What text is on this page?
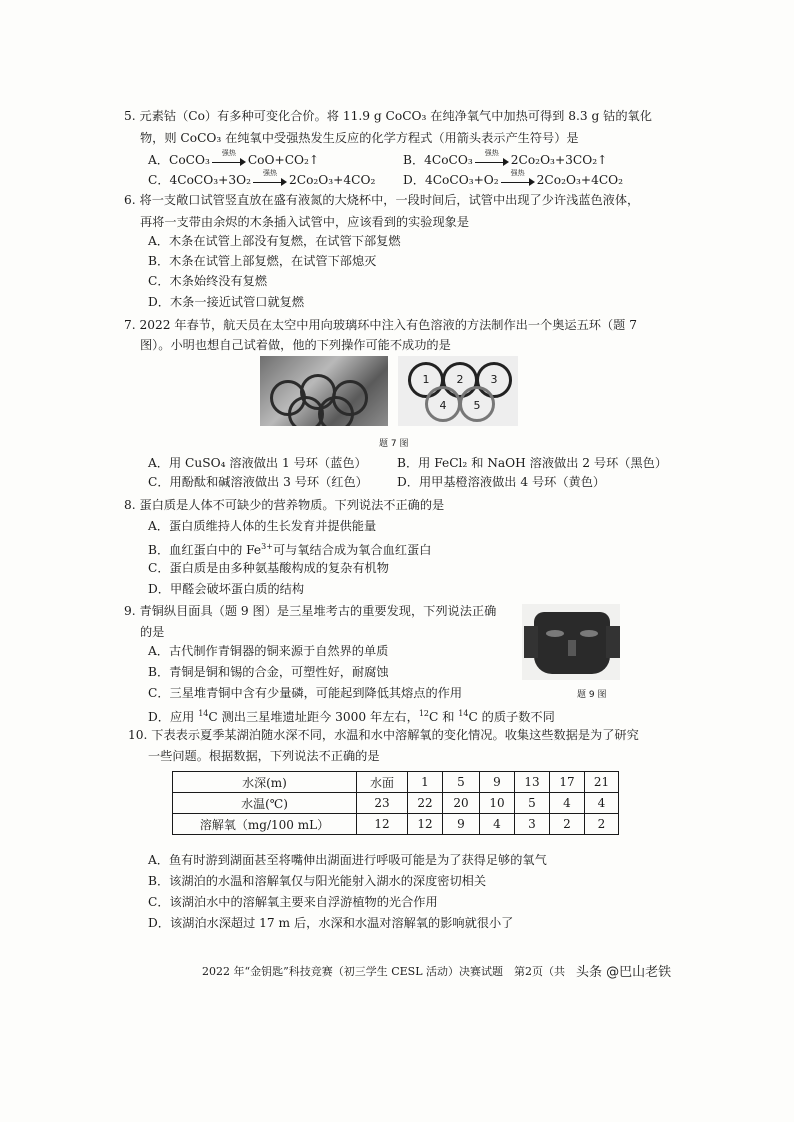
5. 元素钴（Co）有多种可变化合价。将 11.9 g CoCO₃ 在纯净氧气中加热可得到 8.3 g 钴的氧化
物，则 CoCO₃ 在纯氧中受强热发生反应的化学方程式（用箭头表示产生符号）是
A．CoCO₃
强热
CoO+CO₂↑	B．4CoCO₃
强热
2Co₂O₃+3CO₂↑
C．4CoCO₃+3O₂
强热
2Co₂O₃+4CO₂ D．4CoCO₃+O₂
强热
2Co₂O₃+4CO₂
6. 将一支敞口试管竖直放在盛有液氮的大烧杯中，一段时间后，试管中出现了少许浅蓝色液体，
再将一支带由余烬的木条插入试管中，应该看到的实验现象是
A．木条在试管上部没有复燃，在试管下部复燃
B．木条在试管上部复燃，在试管下部熄灭
C．木条始终没有复燃
D．木条一接近试管口就复燃
7. 2022 年春节，航天员在太空中用向玻璃环中注入有色溶液的方法制作出一个奥运五环（题 7
图）。小明也想自己试着做，他的下列操作可能不成功的是
1	2	3
4	5
题 7 图
A．用 CuSO₄ 溶液做出 1 号环（蓝色） B．用 FeCl₂ 和 NaOH 溶液做出 2 号环（黑色）
C．用酚酞和碱溶液做出 3 号环（红色） D．用甲基橙溶液做出 4 号环（黄色）
8. 蛋白质是人体不可缺少的营养物质。下列说法不正确的是
A．蛋白质维持人体的生长发育并提供能量
B．血红蛋白中的 $Fe^{3+}$可与氧结合成为氧合血红蛋白
C．蛋白质是由多种氨基酸构成的复杂有机物
D．甲醛会破坏蛋白质的结构
9. 青铜纵目面具（题 9 图）是三星堆考古的重要发现，下列说法正确
的是
题 9 图
A．古代制作青铜器的铜来源于自然界的单质
B．青铜是铜和锡的合金，可塑性好，耐腐蚀
C．三星堆青铜中含有少量磷，可能起到降低其熔点的作用
D．应用 $^{14}$C 测出三星堆遗址距今 3000 年左右，$^{12}$C 和 $^{14}$C 的质子数不同
10. 下表表示夏季某湖泊随水深不同，水温和水中溶解氧的变化情况。收集这些数据是为了研究
一些问题。根据数据，下列说法不正确的是
水深(m)	水面	1	5	9	13	17	21
水温(℃)	23	22	20	10	5	4	4
溶解氧（mg/100 mL）	12	12	9	4	3	2	2
A．鱼有时游到湖面甚至将嘴伸出湖面进行呼吸可能是为了获得足够的氧气
B．该湖泊的水温和溶解氧仅与阳光能射入湖水的深度密切相关
C．该湖泊水中的溶解氧主要来自浮游植物的光合作用
D．该湖泊水深超过 17 m 后，水深和水温对溶解氧的影响就很小了
2022 年“金钥匙”科技竞赛（初三学生 CESL 活动）决赛试题　第2页（共 头条 @巴山老铁
